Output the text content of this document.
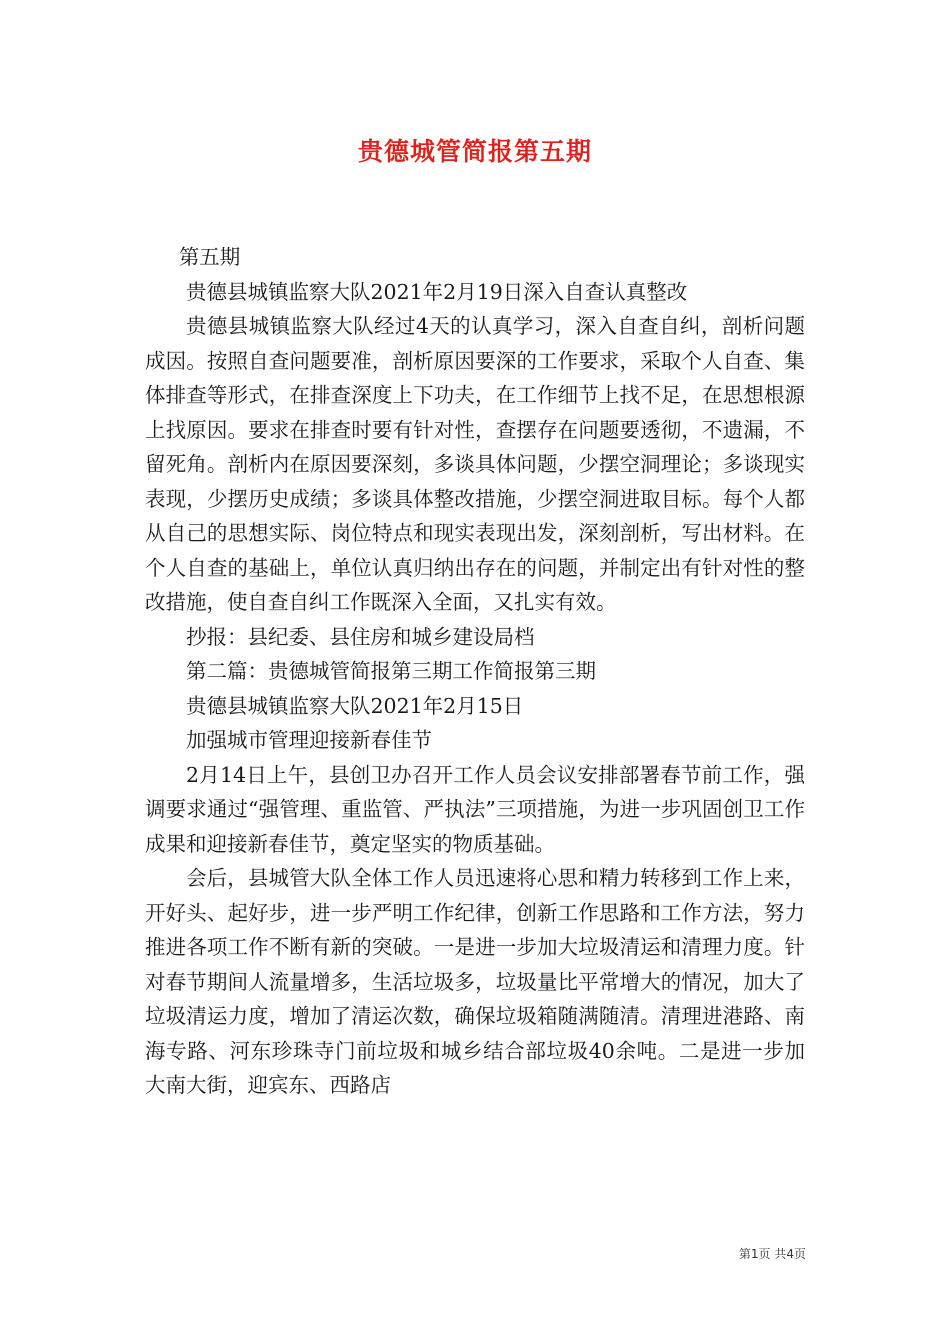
贵德城管简报第五期

第五期

贵德县城镇监察大队2021年2月19日深入自查认真整改

贵德县城镇监察大队经过4天的认真学习，深入自查自纠，剖析问题成因。按照自查问题要准，剖析原因要深的工作要求，采取个人自查、集体排查等形式，在排查深度上下功夫，在工作细节上找不足，在思想根源上找原因。要求在排查时要有针对性，查摆存在问题要透彻，不遗漏，不留死角。剖析内在原因要深刻，多谈具体问题，少摆空洞理论；多谈现实表现，少摆历史成绩；多谈具体整改措施，少摆空洞进取目标。每个人都从自己的思想实际、岗位特点和现实表现出发，深刻剖析，写出材料。在个人自查的基础上，单位认真归纳出存在的问题，并制定出有针对性的整改措施，使自查自纠工作既深入全面，又扎实有效。

抄报：县纪委、县住房和城乡建设局档

第二篇：贵德城管简报第三期工作简报第三期

贵德县城镇监察大队2021年2月15日

加强城市管理迎接新春佳节

2月14日上午，县创卫办召开工作人员会议安排部署春节前工作，强调要求通过“强管理、重监管、严执法”三项措施，为进一步巩固创卫工作成果和迎接新春佳节，奠定坚实的物质基础。

会后，县城管大队全体工作人员迅速将心思和精力转移到工作上来，开好头、起好步，进一步严明工作纪律，创新工作思路和工作方法，努力推进各项工作不断有新的突破。一是进一步加大垃圾清运和清理力度。针对春节期间人流量增多，生活垃圾多，垃圾量比平常增大的情况，加大了垃圾清运力度，增加了清运次数，确保垃圾箱随满随清。清理进港路、南海专路、河东珍珠寺门前垃圾和城乡结合部垃圾40余吨。二是进一步加大南大街，迎宾东、西路店

第1页 共4页
